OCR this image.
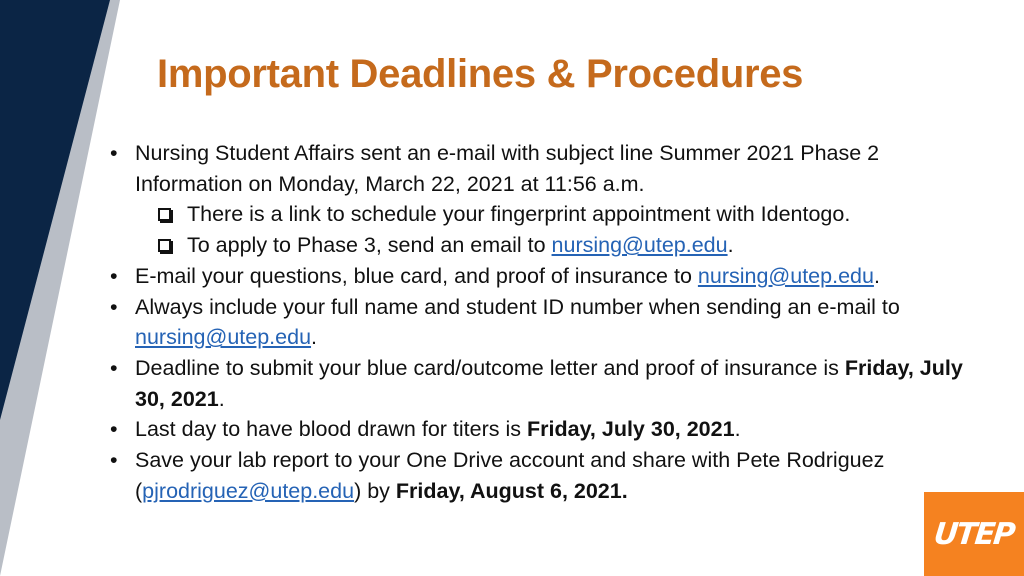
Important Deadlines & Procedures
• Nursing Student Affairs sent an e-mail with subject line Summer 2021 Phase 2 Information on Monday, March 22, 2021 at 11:56 a.m.
There is a link to schedule your fingerprint appointment with Identogo.
To apply to Phase 3, send an email to nursing@utep.edu.
• E-mail your questions, blue card, and proof of insurance to nursing@utep.edu.
• Always include your full name and student ID number when sending an e-mail to nursing@utep.edu.
• Deadline to submit your blue card/outcome letter and proof of insurance is Friday, July 30, 2021.
• Last day to have blood drawn for titers is Friday, July 30, 2021.
• Save your lab report to your One Drive account and share with Pete Rodriguez (pjrodriguez@utep.edu) by Friday, August 6, 2021.
UTEP
